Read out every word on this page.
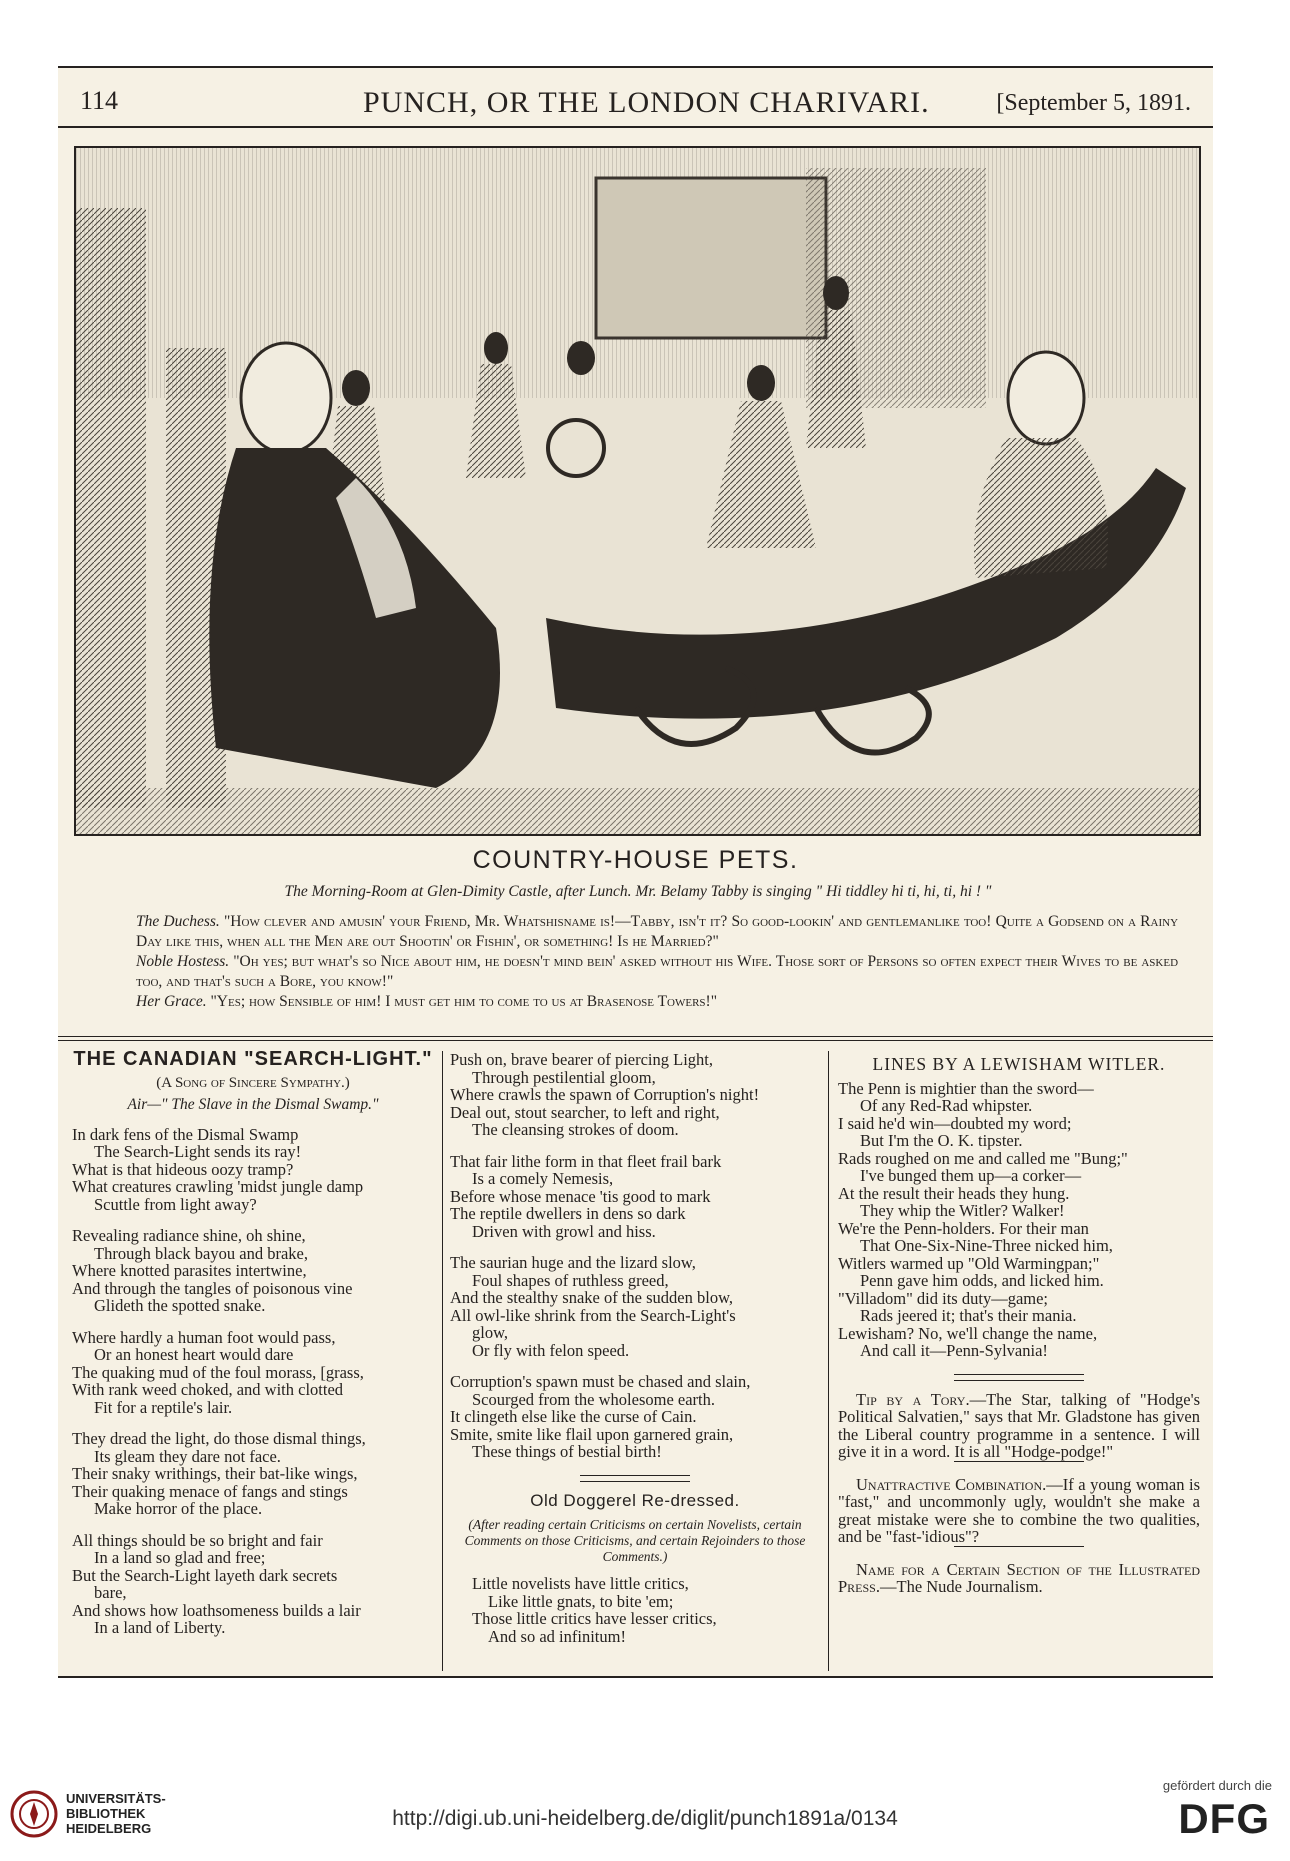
114	PUNCH, OR THE LONDON CHARIVARI.	[September 5, 1891.
COUNTRY-HOUSE PETS.
The Morning-Room at Glen-Dimity Castle, after Lunch. Mr. Belamy Tabby is singing " Hi tiddley hi ti, hi, ti, hi ! "

The Duchess. "How clever and amusin' your Friend, Mr. Whatshisname is!—Tabby, isn't it? So good-lookin' and gentlemanlike too! Quite a Godsend on a Rainy Day like this, when all the Men are out Shootin' or Fishin', or something! Is he Married?"

Noble Hostess. "Oh yes; but what's so Nice about him, he doesn't mind bein' asked without his Wife. Those sort of Persons so often expect their Wives to be asked too, and that's such a Bore, you know!"

Her Grace. "Yes; how Sensible of him! I must get him to come to us at Brasenose Towers!"

THE CANADIAN "SEARCH-LIGHT."
(A Song of Sincere Sympathy.)
Air—" The Slave in the Dismal Swamp."

In dark fens of the Dismal Swamp

The Search-Light sends its ray!

What is that hideous oozy tramp?

What creatures crawling 'midst jungle damp

Scuttle from light away?

Revealing radiance shine, oh shine,

Through black bayou and brake,

Where knotted parasites intertwine,

And through the tangles of poisonous vine

Glideth the spotted snake.

Where hardly a human foot would pass,

Or an honest heart would dare

The quaking mud of the foul morass, [grass,

With rank weed choked, and with clotted

Fit for a reptile's lair.

They dread the light, do those dismal things,

Its gleam they dare not face.

Their snaky writhings, their bat-like wings,

Their quaking menace of fangs and stings

Make horror of the place.

All things should be so bright and fair

In a land so glad and free;

But the Search-Light layeth dark secrets

bare,

And shows how loathsomeness builds a lair

In a land of Liberty.

Push on, brave bearer of piercing Light,

Through pestilential gloom,

Where crawls the spawn of Corruption's night!

Deal out, stout searcher, to left and right,

The cleansing strokes of doom.

That fair lithe form in that fleet frail bark

Is a comely Nemesis,

Before whose menace 'tis good to mark

The reptile dwellers in dens so dark

Driven with growl and hiss.

The saurian huge and the lizard slow,

Foul shapes of ruthless greed,

And the stealthy snake of the sudden blow,

All owl-like shrink from the Search-Light's

glow,

Or fly with felon speed.

Corruption's spawn must be chased and slain,

Scourged from the wholesome earth.

It clingeth else like the curse of Cain.

Smite, smite like flail upon garnered grain,

These things of bestial birth!

Old Doggerel Re-dressed.
(After reading certain Criticisms on certain Novelists, certain Comments on those Criticisms, and certain Rejoinders to those Comments.)

Little novelists have little critics,

Like little gnats, to bite 'em;

Those little critics have lesser critics,

And so ad infinitum!

LINES BY A LEWISHAM WITLER.

The Penn is mightier than the sword—

Of any Red-Rad whipster.

I said he'd win—doubted my word;

But I'm the O. K. tipster.

Rads roughed on me and called me "Bung;"

I've bunged them up—a corker—

At the result their heads they hung.

They whip the Witler? Walker!

We're the Penn-holders. For their man

That One-Six-Nine-Three nicked him,

Witlers warmed up "Old Warmingpan;"

Penn gave him odds, and licked him.

"Villadom" did its duty—game;

Rads jeered it; that's their mania.

Lewisham? No, we'll change the name,

And call it—Penn-Sylvania!

Tip by a Tory.—The Star, talking of "Hodge's Political Salvatien," says that Mr. Gladstone has given the Liberal country programme in a sentence. I will give it in a word. It is all "Hodge-podge!"

Unattractive Combination.—If a young woman is "fast," and uncommonly ugly, wouldn't she make a great mistake were she to combine the two qualities, and be "fast-'idious"?

Name for a Certain Section of the Illustrated Press.—The Nude Journalism.

UNIVERSITÄTS-
BIBLIOTHEK
HEIDELBERG	http://digi.ub.uni-heidelberg.de/diglit/punch1891a/0134
gefördert durch die
DFG
